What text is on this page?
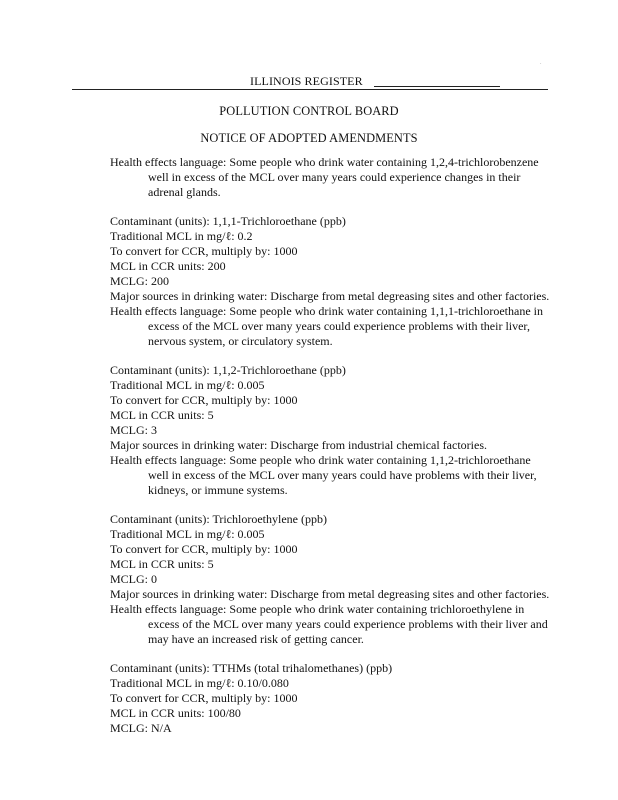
.
ILLINOIS REGISTER
POLLUTION CONTROL BOARD
NOTICE OF ADOPTED AMENDMENTS

Health effects language: Some people who drink water containing 1,2,4-trichlorobenzene well in excess of the MCL over many years could experience changes in their adrenal glands.

Contaminant (units): 1,1,1-Trichloroethane (ppb)

Traditional MCL in mg/ℓ: 0.2

To convert for CCR, multiply by: 1000

MCL in CCR units: 200

MCLG: 200

Major sources in drinking water: Discharge from metal degreasing sites and other factories.

Health effects language: Some people who drink water containing 1,1,1-trichloroethane in excess of the MCL over many years could experience problems with their liver, nervous system, or circulatory system.

Contaminant (units): 1,1,2-Trichloroethane (ppb)

Traditional MCL in mg/ℓ: 0.005

To convert for CCR, multiply by: 1000

MCL in CCR units: 5

MCLG: 3

Major sources in drinking water: Discharge from industrial chemical factories.

Health effects language: Some people who drink water containing 1,1,2-trichloroethane well in excess of the MCL over many years could have problems with their liver, kidneys, or immune systems.

Contaminant (units): Trichloroethylene (ppb)

Traditional MCL in mg/ℓ: 0.005

To convert for CCR, multiply by: 1000

MCL in CCR units: 5

MCLG: 0

Major sources in drinking water: Discharge from metal degreasing sites and other factories.

Health effects language: Some people who drink water containing trichloroethylene in excess of the MCL over many years could experience problems with their liver and may have an increased risk of getting cancer.

Contaminant (units): TTHMs (total trihalomethanes) (ppb)

Traditional MCL in mg/ℓ: 0.10/0.080

To convert for CCR, multiply by: 1000

MCL in CCR units: 100/80

MCLG: N/A
